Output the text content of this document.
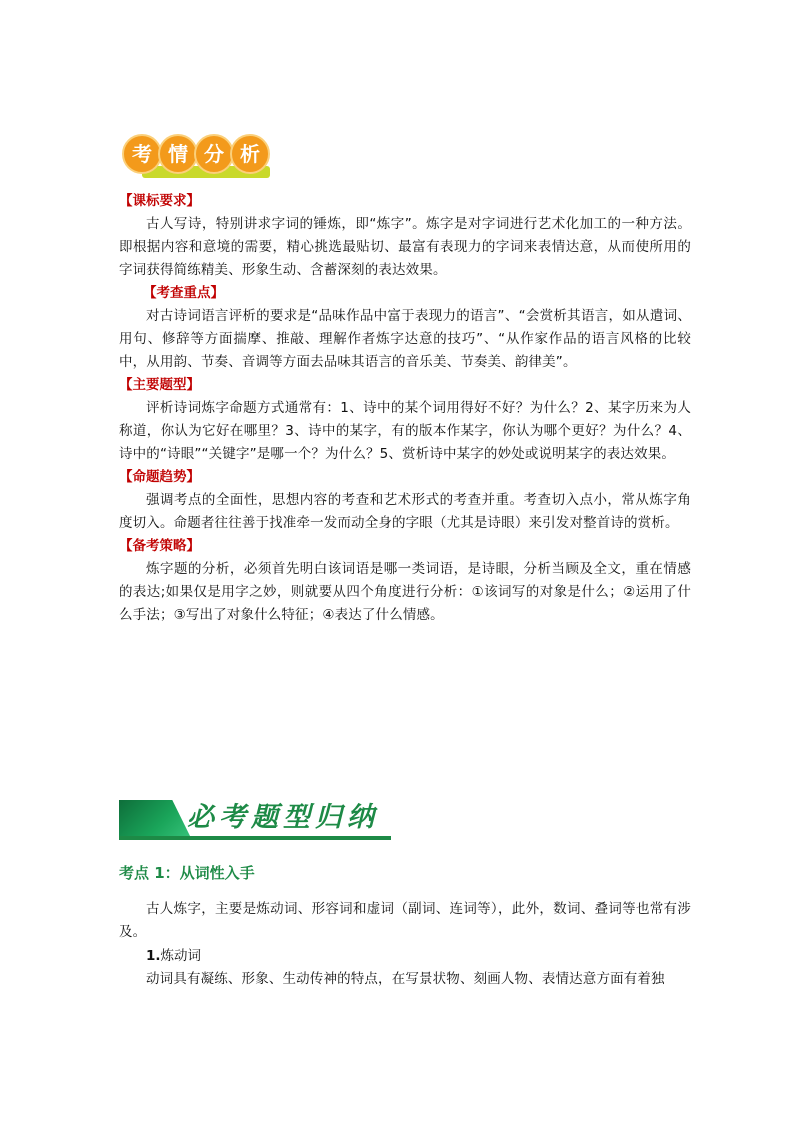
考 情 分 析

【课标要求】

古人写诗，特别讲求字词的锤炼，即“炼字”。炼字是对字词进行艺术化加工的一种方法。即根据内容和意境的需要，精心挑选最贴切、最富有表现力的字词来表情达意，从而使所用的字词获得简练精美、形象生动、含蓄深刻的表达效果。

【考查重点】

对古诗词语言评析的要求是“品味作品中富于表现力的语言”、“会赏析其语言，如从遣词、用句、修辞等方面揣摩、推敲、理解作者炼字达意的技巧”、“从作家作品的语言风格的比较中，从用韵、节奏、音调等方面去品味其语言的音乐美、节奏美、韵律美”。

【主要题型】

评析诗词炼字命题方式通常有：1、诗中的某个词用得好不好？为什么？2、某字历来为人称道，你认为它好在哪里？3、诗中的某字，有的版本作某字，你认为哪个更好？为什么？4、诗中的“诗眼”“关键字”是哪一个？为什么？5、赏析诗中某字的妙处或说明某字的表达效果。

【命题趋势】

强调考点的全面性，思想内容的考查和艺术形式的考查并重。考查切入点小，常从炼字角度切入。命题者往往善于找准牵一发而动全身的字眼（尤其是诗眼）来引发对整首诗的赏析。

【备考策略】

炼字题的分析，必须首先明白该词语是哪一类词语，是诗眼，分析当顾及全文，重在情感的表达;如果仅是用字之妙，则就要从四个角度进行分析：①该词写的对象是什么；②运用了什么手法；③写出了对象什么特征；④表达了什么情感。

必考题型归纳

考点 1：从词性入手

古人炼字，主要是炼动词、形容词和虚词（副词、连词等），此外，数词、叠词等也常有涉及。

1.炼动词

动词具有凝练、形象、生动传神的特点，在写景状物、刻画人物、表情达意方面有着独
